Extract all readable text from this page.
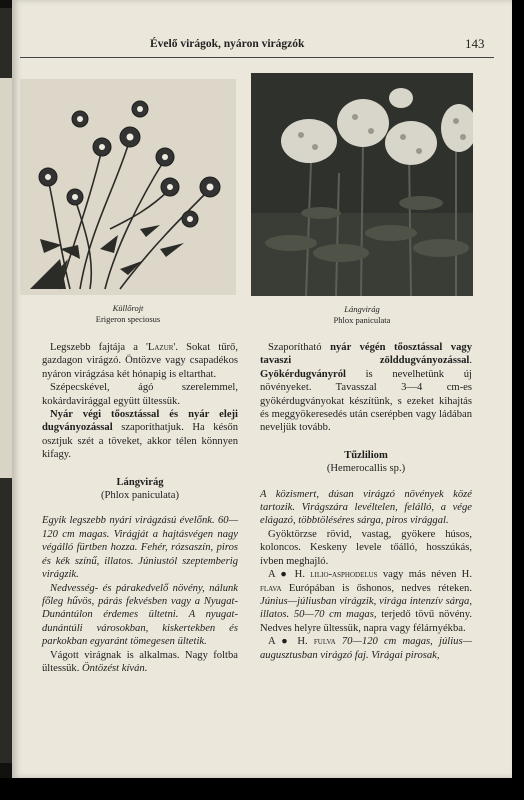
Évelő virágok, nyáron virágzók	143
Küllőrojt
Erigeron speciosus
Lángvirág
Phlox paniculata

Legszebb fajtája a 'Lazur'. Sokat tűrő, gazdagon virágzó. Öntözve vagy csapadékos nyáron virágzása két hónapig is eltarthat.

Szépecskével, ágó szerelemmel, kokárdavirággal együtt ültessük.

Nyár végi tőosztással és nyár eleji dugványozással szaporíthatjuk. Ha későn osztjuk szét a töveket, akkor télen könnyen kifagy.

Lángvirág

(Phlox paniculata)

Egyik legszebb nyári virágzású évelőnk. 60—120 cm magas. Virágját a hajtásvégen nagy végálló fürtben hozza. Fehér, rózsaszín, piros és kék színű, illatos. Júniustól szeptemberig virágzik.

Nedvesség- és párakedvelő növény, nálunk főleg hűvös, párás fekvésben vagy a Nyugat-Dunántúlon érdemes ültetni. A nyugat-dunántúli városokban, kiskertekben és parkokban egyaránt tömegesen ültetik.

Vágott virágnak is alkalmas. Nagy foltba ültessük. Öntözést kíván.

Szaporítható nyár végén tőosztással vagy tavaszi zölddugványozással. Gyökérdugványról is nevelhetünk új növényeket. Tavasszal 3—4 cm-es gyökérdugványokat készítünk, s ezeket kihajtás és meggyökeresedés után cserépben vagy ládában neveljük tovább.

Tűzliliom

(Hemerocallis sp.)

A közismert, dúsan virágzó növények közé tartozik. Virágszára levéltelen, felálló, a vége elágazó, többtöléséres sárga, piros virággal.

Gyöktörzse rövid, vastag, gyökere húsos, koloncos. Keskeny levele tőálló, hosszúkás, ívben meghajló.

A ● H. lilio-asphodelus vagy más néven H. flava Európában is őshonos, nedves réteken. Június—júliusban virágzik, virága intenzív sárga, illatos. 50—70 cm magas, terjedő tövű növény. Nedves helyre ültessük, napra vagy félárnyékba.

A ● H. fulva 70—120 cm magas, július—augusztusban virágzó faj. Virágai pirosak,
